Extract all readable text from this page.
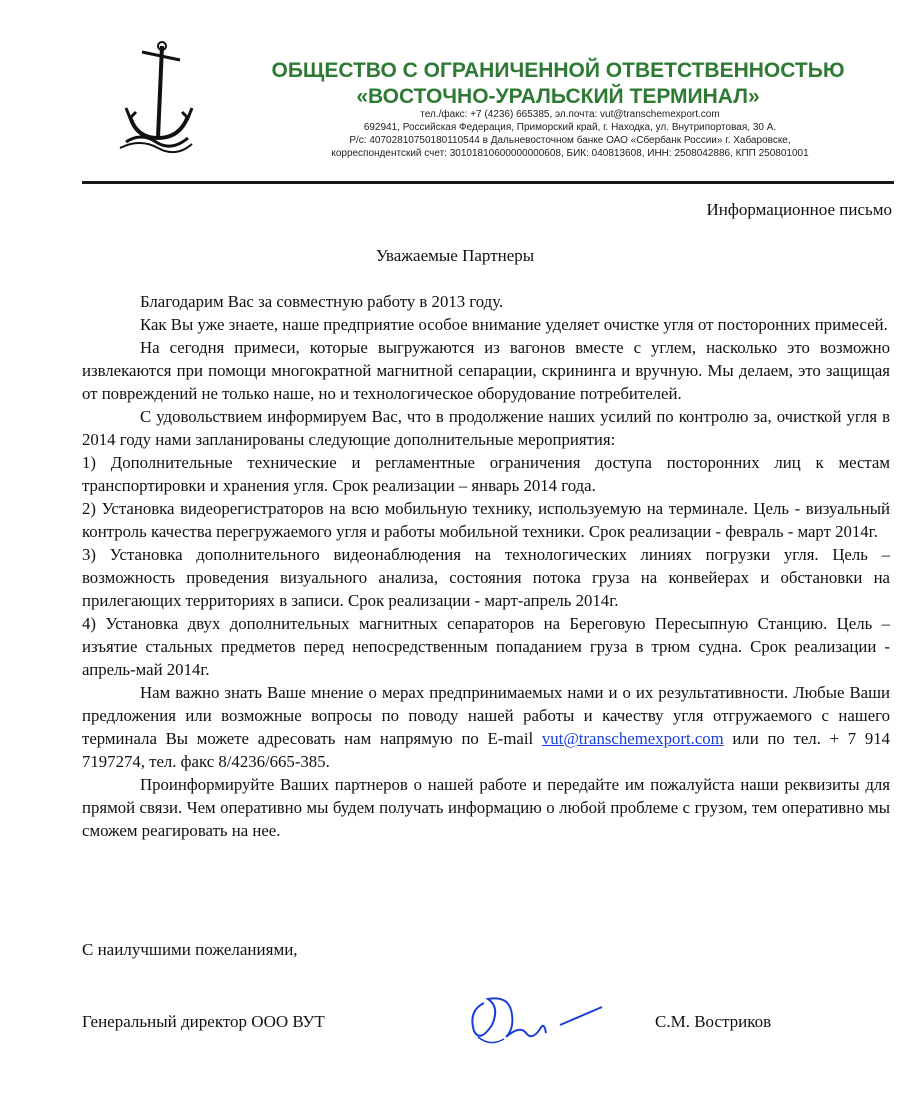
ОБЩЕСТВО С ОГРАНИЧЕННОЙ ОТВЕТСТВЕННОСТЬЮ
«ВОСТОЧНО-УРАЛЬСКИЙ ТЕРМИНАЛ»
тел./факс: +7 (4236) 665385, эл.почта: vut@transchemexport.com
692941, Российская Федерация, Приморский край, г. Находка, ул. Внутрипортовая, 30 А.
Р/с: 40702810750180110544 в Дальневосточном банке ОАО «Сбербанк России» г. Хабаровске,
корреспондентский счет: 30101810600000000608, БИК: 040813608, ИНН: 2508042886, КПП 250801001
Информационное письмо
Уважаемые Партнеры

Благодарим Вас за совместную работу в 2013 году.

Как Вы уже знаете, наше предприятие особое внимание уделяет очистке угля от посторонних примесей.

На сегодня примеси, которые выгружаются из вагонов вместе с углем, насколько это возможно извлекаются при помощи многократной магнитной сепарации, скрининга и вручную. Мы делаем, это защищая от повреждений не только наше, но и технологическое оборудование потребителей.

С удовольствием информируем Вас, что в продолжение наших усилий по контролю за, очисткой угля в 2014 году нами запланированы следующие дополнительные мероприятия:

1) Дополнительные технические и регламентные ограничения доступа посторонних лиц к местам транспортировки и хранения угля. Срок реализации – январь 2014 года.

2) Установка видеорегистраторов на всю мобильную технику, используемую на терминале. Цель - визуальный контроль качества перегружаемого угля и работы мобильной техники. Срок реализации - февраль - март 2014г.

3) Установка дополнительного видеонаблюдения на технологических линиях погрузки угля. Цель – возможность проведения визуального анализа, состояния потока груза на конвейерах и обстановки на прилегающих территориях в записи. Срок реализации - март-апрель 2014г.

4) Установка двух дополнительных магнитных сепараторов на Береговую Пересыпную Станцию. Цель – изъятие стальных предметов перед непосредственным попаданием груза в трюм судна. Срок реализации - апрель-май 2014г.

Нам важно знать Ваше мнение о мерах предпринимаемых нами и о их результативности. Любые Ваши предложения или возможные вопросы по поводу нашей работы и качеству угля отгружаемого с нашего терминала Вы можете адресовать нам напрямую по E-mail vut@transchemexport.com или по тел. + 7 914 7197274, тел. факс 8/4236/665-385.

Проинформируйте Ваших партнеров о нашей работе и передайте им пожалуйста наши реквизиты для прямой связи. Чем оперативно мы будем получать информацию о любой проблеме с грузом, тем оперативно мы сможем реагировать на нее.

С наилучшими пожеланиями,
Генеральный директор ООО ВУТ	С.М. Востриков
